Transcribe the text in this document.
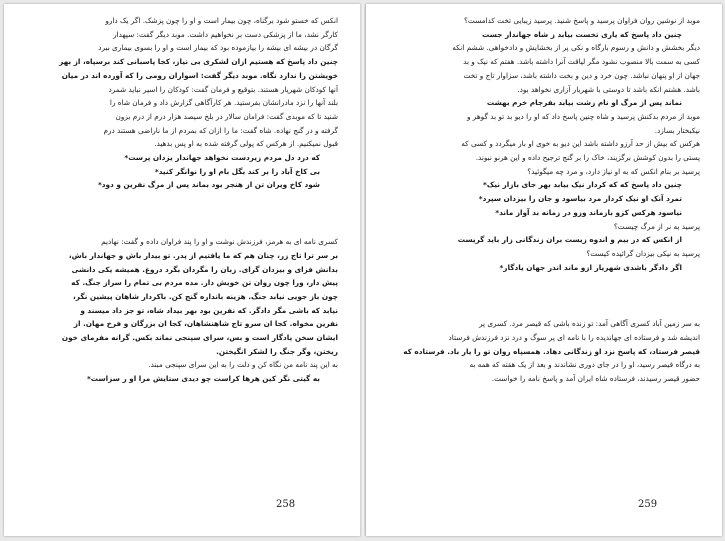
انکس که خستو شود برگناه، چون بیمار است و او را چون پزشک. اگر یک دارو

کارگر نشد، ما از پزشکی دست بر نخواهیم داشت. موبد دیگر گفت: سپهدار

گرگان در بیشه ای بیشه را بیازموده بود که بیمار است و او را بسوی بیماری ببرد

چنین داد پاسخ که هستیم ازان لشکری بی نیاز، کجا پاسبانی کند برسپاه، از بهر

خویشتن را ندارد نگاه. موبد دیگر گفت: اسواران رومی را که آورده اند در میان

آنها کودکان شهریار هستند. بتوقیع و فرمان گفت: کودکان را اسیر نباید شمرد

بلند آنها را نزد مادرانشان بفرستید. هر کارآگاهی گزارش داد و فرمان شاه را

شنید تا که موبدی گفت: فرامان سالار در بلخ سیصد هزار درم از درم بزون

گرفته و در گنج نهاده. شاه گفت: ما را ازان که بمردم از ما ناراضی هستند درم

قبول نمیکنیم. از هرکس که پولی گرفته شده به او پس بدهید.

که درد دل مردم زیردست نخواهد جهاندار یزدان پرست*

بی کاخ آباد را بر کند بگل بام او را نوانگر کنید*

شود کاخ ویران تن از هنجر بود بماند پس از مرگ نفرین و دود*

کسری نامه ای به هرمز، فرزندش نوشت و او را پند فراوان داده و گفت: نهادیم

بر سر ترا تاج زر، چنان هم که ما یافتیم از پدر. تو بیدار باش و جهاندار باش،

بدانش فزای و بیزدان گرای. زبان را مگردان بگرد دروغ. همیشه یکی دانشی

پیش دار، ورا چون روان تن خویش دار. مده مردم بی تمام را سراز جنگ. که

چون باز جویی نیابد جنگ. هزینه بانداره گنج کن. باکردار شاهان پیشین نگر،

نیابد که باشی مگر دادگر. که نفرین بود بهر بیداد شاه، تو جز داد میسند و

نفرین مخواه. کجا ان سرو تاج شاهنشاهان، کجا ان بزرگان و فرخ مهان. از

ایشان سخن یادگار است و بس، سرای سپنجی نماند بکس. گرانه مفرمای خون

ریختن، وگر جنگ را لشکر انگیختن.

به این پند نامه من نگاه کن و دلت را به این سرای سپنجی مبند.

به گیتی نگر کین هرها کراست چو دیدی ستایش مرا او ر سزاست*

258

موبد از نوشین روان فراوان پرسید و پاسخ شنید. پرسید زیبایی تخت کدامست؟

چنین داد پاسخ که یاری تخست بیابد ز شاه جهاندار جست

دیگر بخشش و دانش و رسوم بارگاه و نکی پر از بخشایش و دادخواهی. ششم انکه

کسی به سمت بالا منصوب نشود مگر لیاقت آنرا داشته باشد. هفتم که نیک و بد

جهان از او پنهان نباشد. چون خرد و دین و بخت داشته باشد، سزاوار تاج و تخت

باشد. هشتم انکه باشد تا دوستی با شهریار آزاری نخواهد بود.

نماند پس از مرگ او نام زشت بیابد بفرجام خرم بهشت

موبد از مردم بدکنش پرسید و شاه چنین پاسخ داد که او را دیو بد تو بد گوهر و

نیکبختار بسازد.

هرکس که بیش از حد آرزو داشته باشد این دیو به خوی او بار میگردد و کسی که

پستی را بدون کوشش برگزیند، خاک را بر گنج ترجیح داده و این هرنو نبوند.

پرسید بر بنام انکس که به او نیاز دارد، و مرد چه میگوئید؟

چنین داد پاسخ که که کردار نیک بیابد بهر جای بازار نیک*

تمرد آنک او نیک کردار مرد بیاسود و جان را بیزدان سپرد*

نیاسود هرکس کزو بازماند وزو در زمانه بد آواز ماند*

پرسید به نر از مرگ چیست؟

از انکس که در بیم و اندوه زیست بران زندگانی زار باید گریست

پرسید به نیکی بیزدان گرائیده کیست؟

اگر دادگر باشدی شهریار ازو ماند اندر جهان یادگار*

به سر زمین آباد کسری آگاهی آمد: تو زنده باشی که قیصر مرد. کسری پر

اندیشه شد و فرستاده ای جهاندیده را با نامه ای پر سوگ و درد نزد فرزندش فرستاد

قیصر فرستاد، که پاسخ نزد او زندگانی دهاد. همسپاه روان تو را یار باد. فرستاده که

به درگاه قیصر رسید، او را در جای دوری نشاندند و بعد از یک هفته که همه به

حضور قیصر رسیدند، فرستاده شاه ایران آمد و پاسخ نامه را خواست.

259
